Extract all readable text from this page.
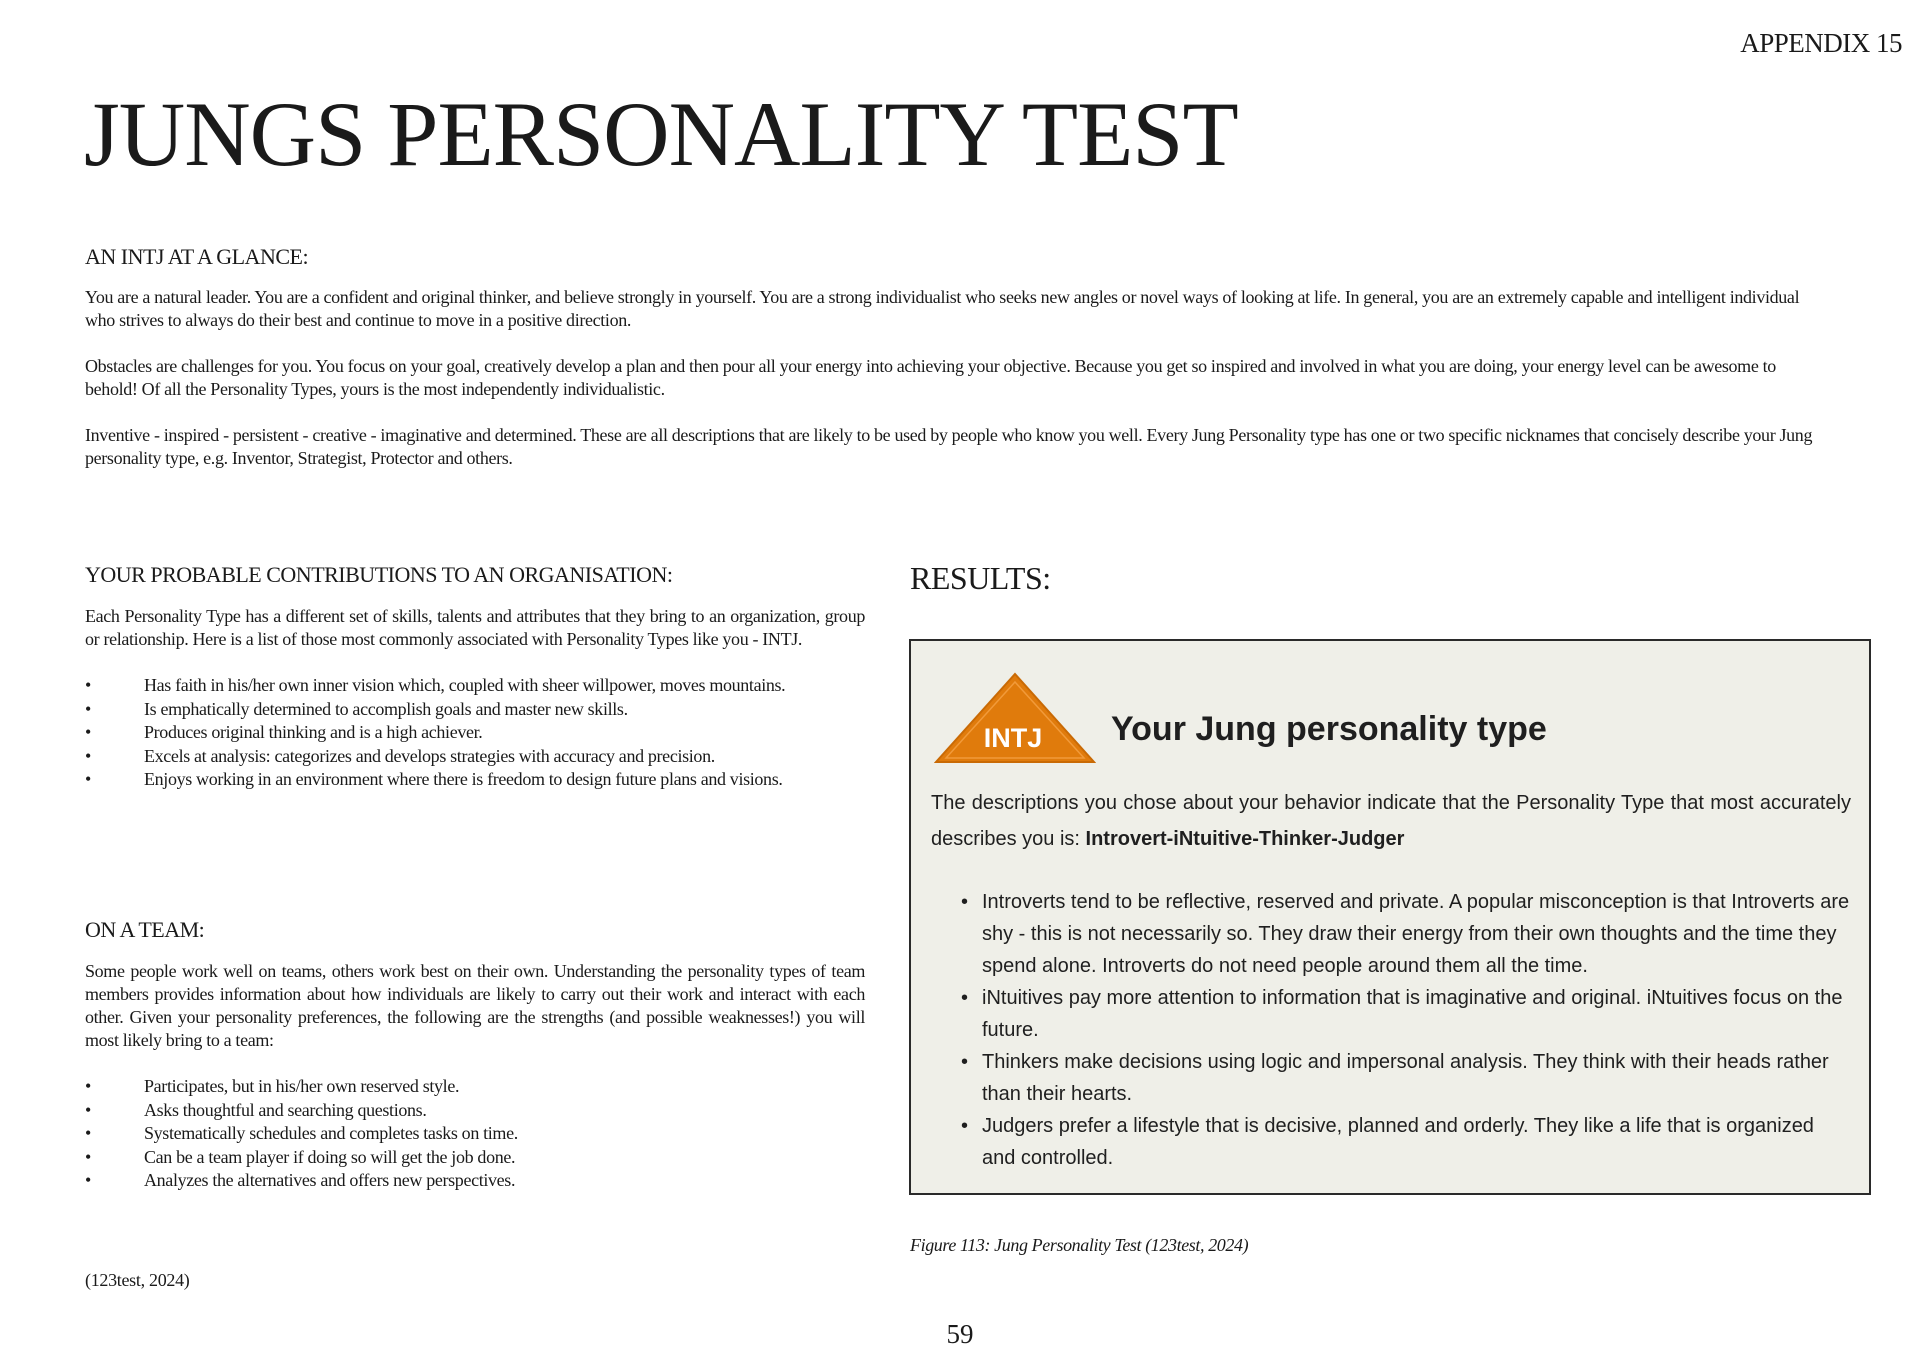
APPENDIX 15
JUNGS PERSONALITY TEST
AN INTJ AT A GLANCE:

You are a natural leader. You are a confident and original thinker, and believe strongly in yourself. You are a strong individualist who seeks new angles or novel ways of looking at life. In general, you are an extremely capable and intelligent individual who strives to always do their best and continue to move in a positive direction.

Obstacles are challenges for you. You focus on your goal, creatively develop a plan and then pour all your energy into achieving your objective. Because you get so inspired and involved in what you are doing, your energy level can be awesome to behold! Of all the Personality Types, yours is the most independently individualistic.

Inventive - inspired - persistent - creative - imaginative and determined. These are all descriptions that are likely to be used by people who know you well. Every Jung Personality type has one or two specific nicknames that concisely describe your Jung personality type, e.g. Inventor, Strategist, Protector and others.

YOUR PROBABLE CONTRIBUTIONS TO AN ORGANISATION:

Each Personality Type has a different set of skills, talents and attributes that they bring to an organization, group or relationship. Here is a list of those most commonly associated with Personality Types like you - INTJ.

•	Has faith in his/her own inner vision which, coupled with sheer willpower, moves mountains.
•	Is emphatically determined to accomplish goals and master new skills.
•	Produces original thinking and is a high achiever.
•	Excels at analysis: categorizes and develops strategies with accuracy and precision.
•	Enjoys working in an environment where there is freedom to design future plans and visions.
ON A TEAM:

Some people work well on teams, others work best on their own. Understanding the personality types of team members provides information about how individuals are likely to carry out their work and interact with each other. Given your personality preferences, the following are the strengths (and possible weaknesses!) you will most likely bring to a team:

•	Participates, but in his/her own reserved style.
•	Asks thoughtful and searching questions.
•	Systematically schedules and completes tasks on time.
•	Can be a team player if doing so will get the job done.
•	Analyzes the alternatives and offers new perspectives.
(123test, 2024)
RESULTS:
INTJ Your Jung personality type

The descriptions you chose about your behavior indicate that the Personality Type that most accurately describes you is: Introvert-iNtuitive-Thinker-Judger

• Introverts tend to be reflective, reserved and private. A popular misconception is that Introverts are shy - this is not necessarily so. They draw their energy from their own thoughts and the time they spend alone. Introverts do not need people around them all the time.
• iNtuitives pay more attention to information that is imaginative and original. iNtuitives focus on the future.
• Thinkers make decisions using logic and impersonal analysis. They think with their heads rather than their hearts.
• Judgers prefer a lifestyle that is decisive, planned and orderly. They like a life that is organized and controlled.
Figure 113: Jung Personality Test (123test, 2024)
59
